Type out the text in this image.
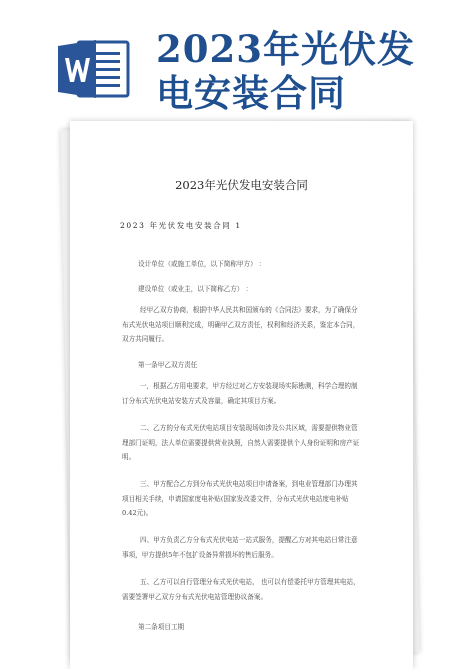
2023年光伏发
电安装合同
2023年光伏发电安装合同
2023 年光伏发电安装合同 1
设计单位（或施工单位，以下简称甲方） ：
建设单位（或业主，以下简称乙方） ：
经甲乙双方协商，根据中华人民共和国颁布的《合同法》要求，为了确保分布式光伏电站项目顺利完成，明确甲乙双方责任，权利和经济关系，鉴定本合同，双方共同履行。
第一条甲乙双方责任
一，根据乙方用电要求，甲方经过对乙方安装现场实际勘测，科学合理的制订分布式光伏电站安装方式及容量，确定其项目方案。
二、乙方的分布式光伏电站项目安装现场如涉及公共区域，需要提供物业管理部门证明，法人单位需要提供营业执照，自然人需要提供个人身份证明和房产证明。
三、甲方配合乙方到分布式光伏电站项目申请备案，到电业管理部门办理其项目相关手续，申请国家度电补贴(国家发改委文件，分布式光伏电站度电补贴0.42元)。
四、甲方负责乙方分布式光伏电站一站式服务，提醒乙方对其电站日常注意事项，甲方提供5年不包扩设备异常损坏的售后服务。
五、乙方可以自行管理分布式光伏电站， 也可以有偿委托甲方管理其电站，需要签署甲乙双方分布式光伏电站管理协议备案。
第二条项目工期
